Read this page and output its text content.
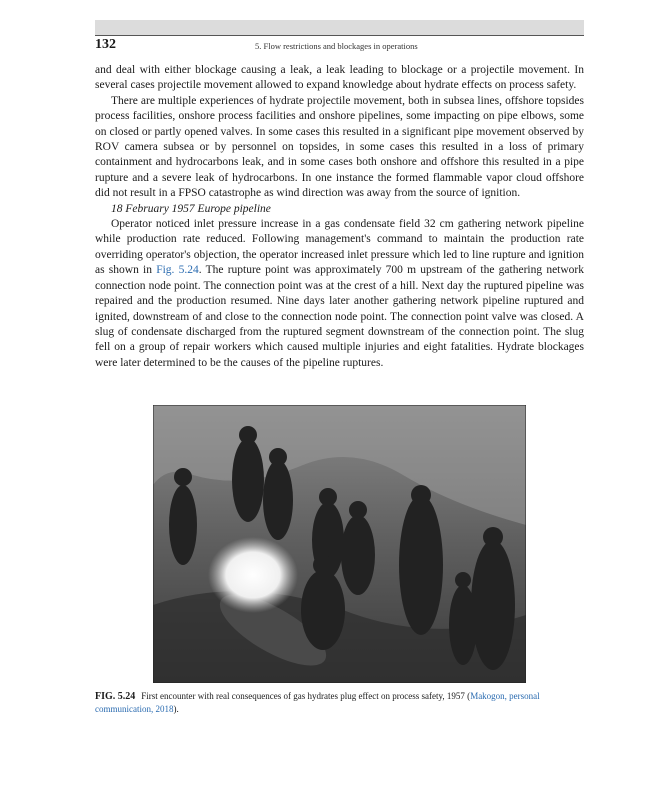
132	5. Flow restrictions and blockages in operations

and deal with either blockage causing a leak, a leak leading to blockage or a projectile movement. In several cases projectile movement allowed to expand knowledge about hydrate effects on process safety.

There are multiple experiences of hydrate projectile movement, both in subsea lines, offshore topsides process facilities, onshore process facilities and onshore pipelines, some impacting on pipe elbows, some on closed or partly opened valves. In some cases this resulted in a significant pipe movement observed by ROV camera subsea or by personnel on topsides, in some cases this resulted in a loss of primary containment and hydrocarbons leak, and in some cases both onshore and offshore this resulted in a pipe rupture and a severe leak of hydrocarbons. In one instance the formed flammable vapor cloud offshore did not result in a FPSO catastrophe as wind direction was away from the source of ignition.

18 February 1957 Europe pipeline

Operator noticed inlet pressure increase in a gas condensate field 32 cm gathering network pipeline while production rate reduced. Following management's command to maintain the production rate overriding operator's objection, the operator increased inlet pressure which led to line rupture and ignition as shown in Fig. 5.24. The rupture point was approximately 700 m upstream of the gathering network connection node point. The connection point was at the crest of a hill. Next day the ruptured pipeline was repaired and the production resumed. Nine days later another gathering network pipeline ruptured and ignited, downstream of and close to the connection node point. The connection point valve was closed. A slug of condensate discharged from the ruptured segment downstream of the connection point. The slug fell on a group of repair workers which caused multiple injuries and eight fatalities. Hydrate blockages were later determined to be the causes of the pipeline ruptures.

FIG. 5.24 First encounter with real consequences of gas hydrates plug effect on process safety, 1957 (Makogon, personal communication, 2018).
